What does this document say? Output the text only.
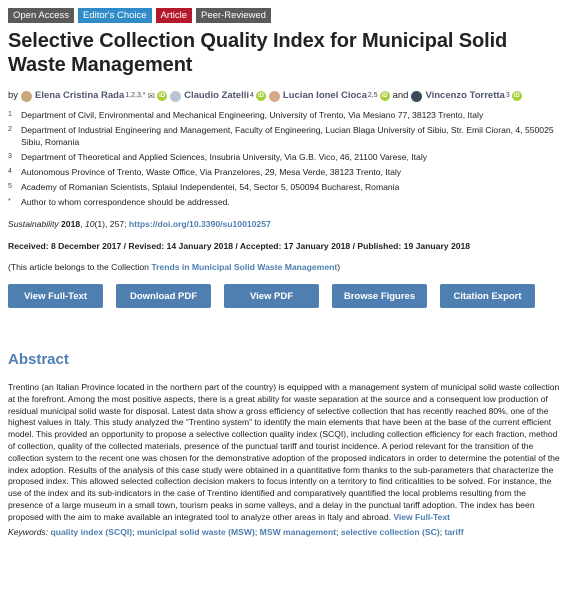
Open Access	Editor's Choice	Article	Peer-Reviewed
Selective Collection Quality Index for Municipal Solid Waste Management
by Elena Cristina Rada 1,2,3,* ✉ iD Claudio Zatelli 4 iD Lucian Ionel Cioca 2,5 iD and Vincenzo Torretta 3 iD
1	Department of Civil, Environmental and Mechanical Engineering, University of Trento, Via Mesiano 77, 38123 Trento, Italy
2	Department of Industrial Engineering and Management, Faculty of Engineering, Lucian Blaga University of Sibiu, Str. Emil Cioran, 4, 550025 Sibiu, Romania
3	Department of Theoretical and Applied Sciences, Insubria University, Via G.B. Vico, 46, 21100 Varese, Italy
4	Autonomous Province of Trento, Waste Office, Via Pranzelores, 29, Mesa Verde, 38123 Trento, Italy
5	Academy of Romanian Scientists, Splaiul Independentei, 54, Sector 5, 050094 Bucharest, Romania
*	Author to whom correspondence should be addressed.
Sustainability 2018, 10(1), 257; https://doi.org/10.3390/su10010257
Received: 8 December 2017 / Revised: 14 January 2018 / Accepted: 17 January 2018 / Published: 19 January 2018
(This article belongs to the Collection Trends in Municipal Solid Waste Management)
View Full-Text	Download PDF	View PDF	Browse Figures	Citation Export
Abstract

Trentino (an Italian Province located in the northern part of the country) is equipped with a management system of municipal solid waste collection at the forefront. Among the most positive aspects, there is a great ability for waste separation at the source and a consequent low production of residual municipal solid waste for disposal. Latest data show a gross efficiency of selective collection that has recently reached 80%, one of the highest values in Italy. This study analyzed the “Trentino system” to identify the main elements that have been at the base of the current efficient model. This provided an opportunity to propose a selective collection quality index (SCQI), including collection efficiency for each fraction, method of collection, quality of the collected materials, presence of the punctual tariff and tourist incidence. A period relevant for the transition of the collection system to the recent one was chosen for the demonstrative adoption of the proposed indicators in order to determine the potential of the index adoption. Results of the analysis of this case study were obtained in a quantitative form thanks to the sub-parameters that characterize the proposed index. This allowed selected collection decision makers to focus intently on a territory to find criticalities to be solved. For instance, the use of the index and its sub-indicators in the case of Trentino identified and comparatively quantified the local problems resulting from the presence of a large museum in a small town, tourism peaks in some valleys, and a delay in the punctual tariff adoption. The index has been proposed with the aim to make available an integrated tool to analyze other areas in Italy and abroad. View Full-Text

Keywords: quality index (SCQI); municipal solid waste (MSW); MSW management; selective collection (SC); tariff
